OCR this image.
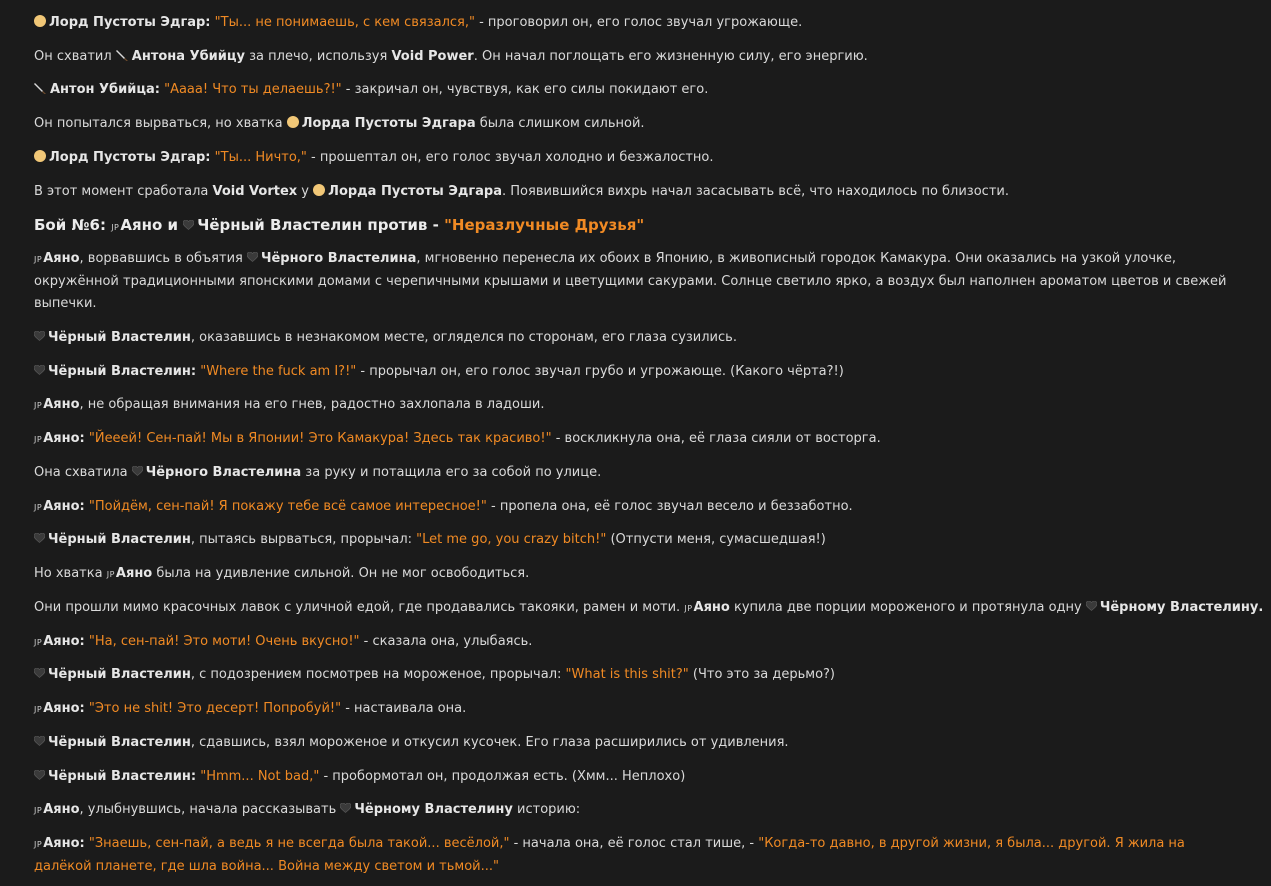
Лорд Пустоты Эдгар: "Ты... не понимаешь, с кем связался," - проговорил он, его голос звучал угрожающе.

Он схватил Антона Убийцу за плечо, используя Void Power. Он начал поглощать его жизненную силу, его энергию.

Антон Убийца: "Аааа! Что ты делаешь?!" - закричал он, чувствуя, как его силы покидают его.

Он попытался вырваться, но хватка Лорда Пустоты Эдгара была слишком сильной.

Лорд Пустоты Эдгар: "Ты... Ничто," - прошептал он, его голос звучал холодно и безжалостно.

В этот момент сработала Void Vortex у Лорда Пустоты Эдгара. Появившийся вихрь начал засасывать всё, что находилось по близости.

Бой №6: JPАяно и Чёрный Властелин против - "Неразлучные Друзья"

JPАяно, ворвавшись в объятия Чёрного Властелина, мгновенно перенесла их обоих в Японию, в живописный городок Камакура. Они оказались на узкой улочке, окружённой традиционными японскими домами с черепичными крышами и цветущими сакурами. Солнце светило ярко, а воздух был наполнен ароматом цветов и свежей выпечки.

Чёрный Властелин, оказавшись в незнакомом месте, огляделся по сторонам, его глаза сузились.

Чёрный Властелин: "Where the fuck am I?!" - прорычал он, его голос звучал грубо и угрожающе. (Какого чёрта?!)

JPАяно, не обращая внимания на его гнев, радостно захлопала в ладоши.

JPАяно: "Йееей! Сен-пай! Мы в Японии! Это Камакура! Здесь так красиво!" - воскликнула она, её глаза сияли от восторга.

Она схватила Чёрного Властелина за руку и потащила его за собой по улице.

JPАяно: "Пойдём, сен-пай! Я покажу тебе всё самое интересное!" - пропела она, её голос звучал весело и беззаботно.

Чёрный Властелин, пытаясь вырваться, прорычал: "Let me go, you crazy bitch!" (Отпусти меня, сумасшедшая!)

Но хватка JPАяно была на удивление сильной. Он не мог освободиться.

Они прошли мимо красочных лавок с уличной едой, где продавались такояки, рамен и моти. JPАяно купила две порции мороженого и протянула одну Чёрному Властелину.

JPАяно: "На, сен-пай! Это моти! Очень вкусно!" - сказала она, улыбаясь.

Чёрный Властелин, с подозрением посмотрев на мороженое, прорычал: "What is this shit?" (Что это за дерьмо?)

JPАяно: "Это не shit! Это десерт! Попробуй!" - настаивала она.

Чёрный Властелин, сдавшись, взял мороженое и откусил кусочек. Его глаза расширились от удивления.

Чёрный Властелин: "Hmm... Not bad," - пробормотал он, продолжая есть. (Хмм... Неплохо)

JPАяно, улыбнувшись, начала рассказывать Чёрному Властелину историю:

JPАяно: "Знаешь, сен-пай, а ведь я не всегда была такой... весёлой," - начала она, её голос стал тише, - "Когда-то давно, в другой жизни, я была... другой. Я жила на далёкой планете, где шла война... Война между светом и тьмой..."
